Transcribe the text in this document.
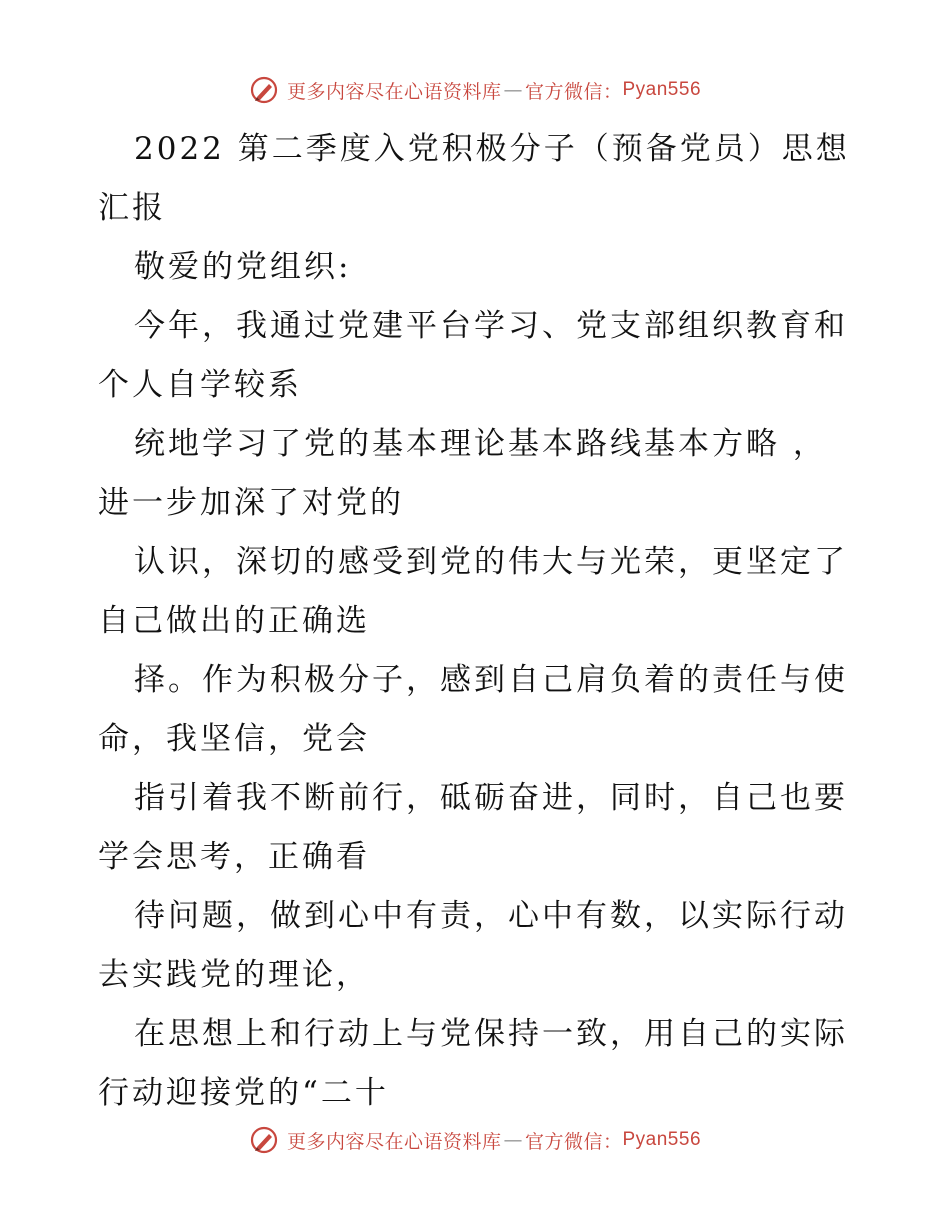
更多内容尽在心语资料库 — 官方微信： Pyan556

2022 第二季度入党积极分子（预备党员）思想汇报

敬爱的党组织:

今年，我通过党建平台学习、党支部组织教育和个人自学较系

统地学习了党的基本理论基本路线基本方略 ，进一步加深了对党的

认识，深切的感受到党的伟大与光荣，更坚定了自己做出的正确选

择。作为积极分子，感到自己肩负着的责任与使命，我坚信，党会

指引着我不断前行，砥砺奋进，同时，自己也要学会思考，正确看

待问题，做到心中有责，心中有数，以实际行动去实践党的理论，

在思想上和行动上与党保持一致，用自己的实际行动迎接党的“二十

更多内容尽在心语资料库 — 官方微信： Pyan556
